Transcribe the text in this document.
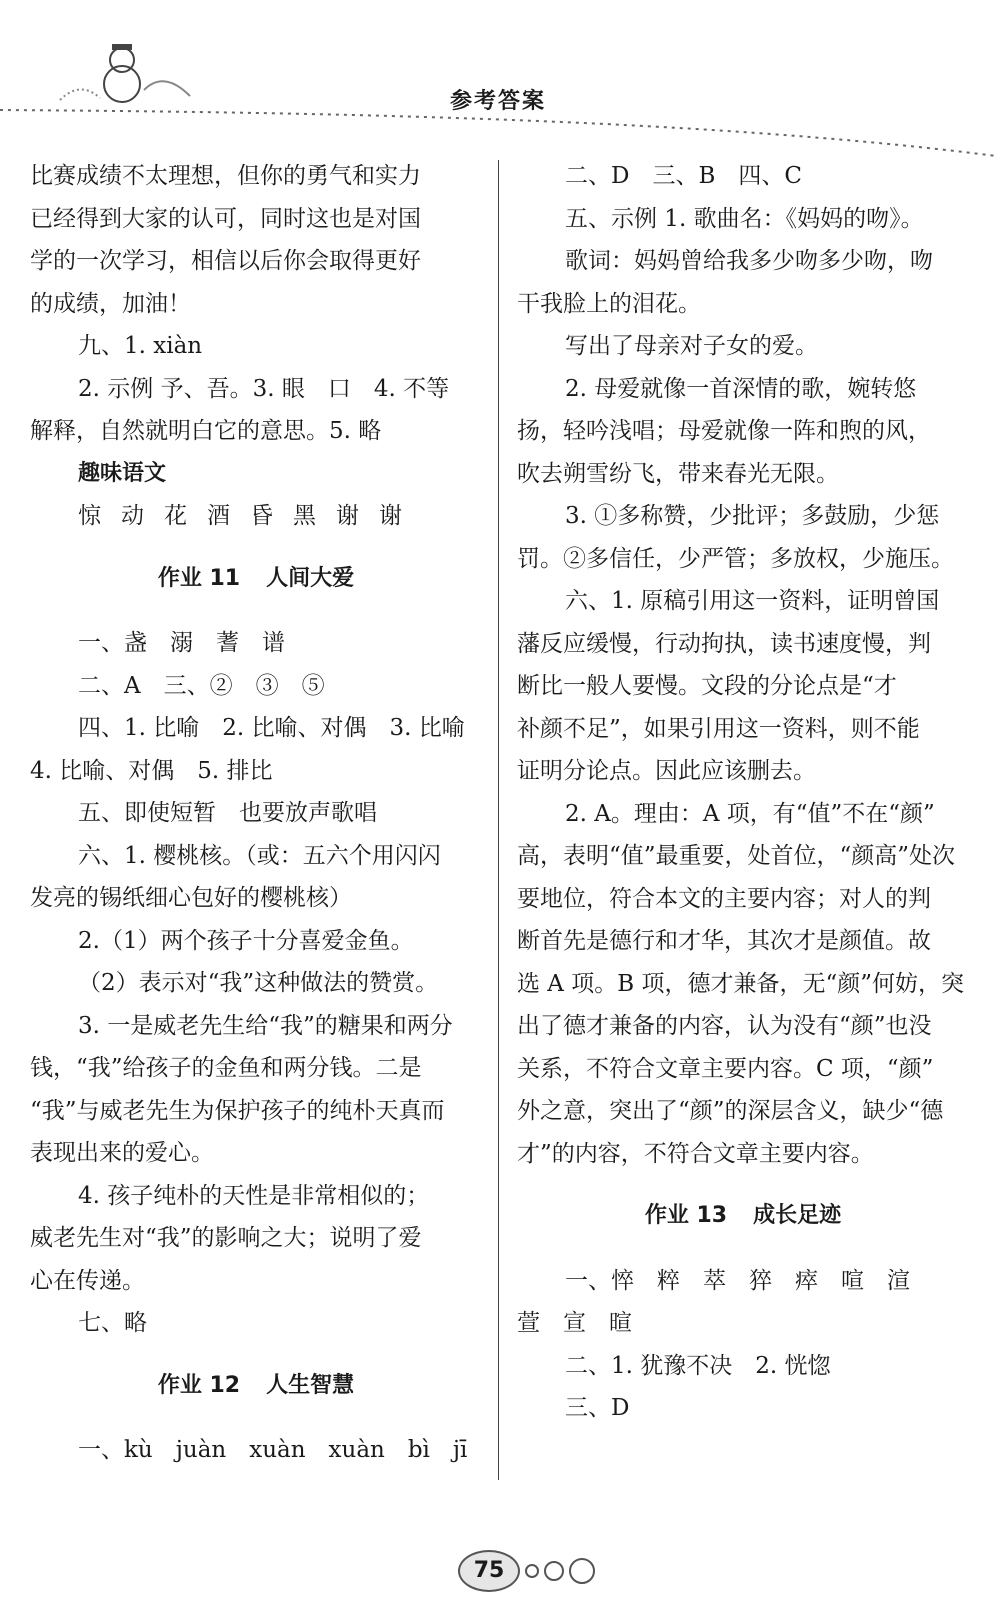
参考答案
比赛成绩不太理想，但你的勇气和实力
已经得到大家的认可，同时这也是对国
学的一次学习，相信以后你会取得更好
的成绩，加油！
九、1. xiàn
2. 示例 予、吾。3. 眼　口　4. 不等
解释，自然就明白它的意思。5. 略
趣味语文
惊动花酒昏黑谢谢
作业 11 人间大爱
一、盏　溺　蓍　谱
二、A　三、②　③　⑤
四、1. 比喻　2. 比喻、对偶　3. 比喻
4. 比喻、对偶　5. 排比
五、即使短暂　也要放声歌唱
六、1. 樱桃核。（或：五六个用闪闪
发亮的锡纸细心包好的樱桃核）
2.（1）两个孩子十分喜爱金鱼。
（2）表示对“我”这种做法的赞赏。
3. 一是威老先生给“我”的糖果和两分
钱，“我”给孩子的金鱼和两分钱。二是
“我”与威老先生为保护孩子的纯朴天真而
表现出来的爱心。
4. 孩子纯朴的天性是非常相似的；
威老先生对“我”的影响之大；说明了爱
心在传递。
七、略
作业 12 人生智慧
一、kù　juàn　xuàn　xuàn　bì　jī
二、D　三、B　四、C
五、示例 1. 歌曲名：《妈妈的吻》。
歌词：妈妈曾给我多少吻多少吻，吻
干我脸上的泪花。
写出了母亲对子女的爱。
2. 母爱就像一首深情的歌，婉转悠
扬，轻吟浅唱；母爱就像一阵和煦的风，
吹去朔雪纷飞，带来春光无限。
3. ①多称赞，少批评；多鼓励，少惩
罚。②多信任，少严管；多放权，少施压。
六、1. 原稿引用这一资料，证明曾国
藩反应缓慢，行动拘执，读书速度慢，判
断比一般人要慢。文段的分论点是“才
补颜不足”，如果引用这一资料，则不能
证明分论点。因此应该删去。
2. A。理由：A 项，有“值”不在“颜”
高，表明“值”最重要，处首位，“颜高”处次
要地位，符合本文的主要内容；对人的判
断首先是德行和才华，其次才是颜值。故
选 A 项。B 项，德才兼备，无“颜”何妨，突
出了德才兼备的内容，认为没有“颜”也没
关系，不符合文章主要内容。C 项，“颜”
外之意，突出了“颜”的深层含义，缺少“德
才”的内容，不符合文章主要内容。
作业 13 成长足迹
一、悴　粹　萃　猝　瘁　喧　渲
萱　宣　暄
二、1. 犹豫不决　2. 恍惚
三、D
75
